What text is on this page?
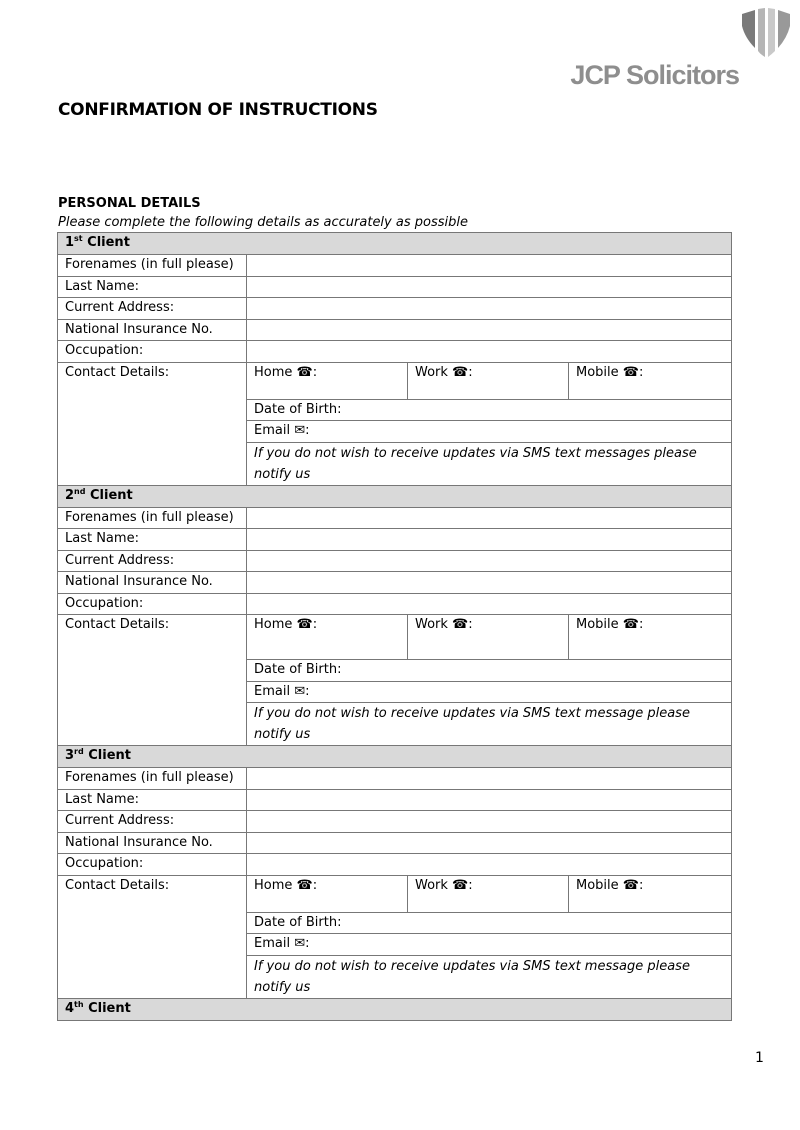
JCP Solicitors
CONFIRMATION OF INSTRUCTIONS
PERSONAL DETAILS
Please complete the following details as accurately as possible
1st Client			
Forenames (in full please)			
Last Name:			
Current Address:			
National Insurance No.			
Occupation:			
Contact Details:	Home ☎:	Work ☎:	Mobile ☎:
	Date of Birth:		
	Email ✉:		
	If you do not wish to receive updates via SMS text messages please notify us		
2nd Client			
Forenames (in full please)			
Last Name:			
Current Address:			
National Insurance No.			
Occupation:			
Contact Details:	Home ☎:	Work ☎:	Mobile ☎:
	Date of Birth:		
	Email ✉:		
	If you do not wish to receive updates via SMS text message please notify us		
3rd Client			
Forenames (in full please)			
Last Name:			
Current Address:			
National Insurance No.			
Occupation:			
Contact Details:	Home ☎:	Work ☎:	Mobile ☎:
	Date of Birth:		
	Email ✉:		
	If you do not wish to receive updates via SMS text message please notify us		
4th Client			
1
